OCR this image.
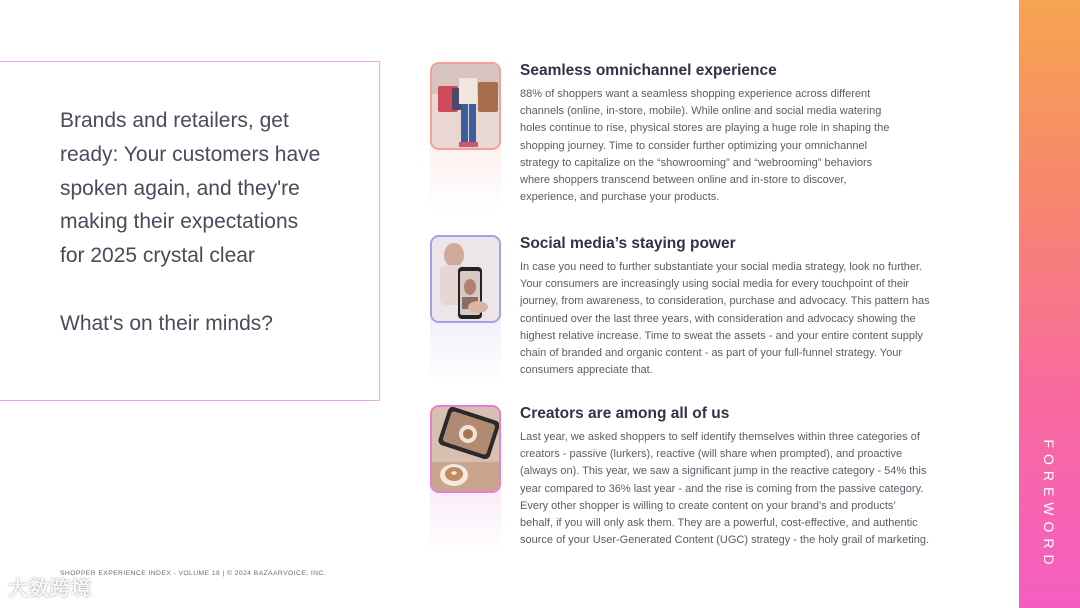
Brands and retailers, get
ready: Your customers have
spoken again, and they're
making their expectations
for 2025 crystal clear

What's on their minds?

Seamless omnichannel experience

88% of shoppers want a seamless shopping experience across different
channels (online, in-store, mobile). While online and social media watering
holes continue to rise, physical stores are playing a huge role in shaping the
shopping journey. Time to consider further optimizing your omnichannel
strategy to capitalize on the “showrooming” and “webrooming” behaviors
where shoppers transcend between online and in-store to discover,
experience, and purchase your products.

Social media’s staying power

In case you need to further substantiate your social media strategy, look no further.
Your consumers are increasingly using social media for every touchpoint of their
journey, from awareness, to consideration, purchase and advocacy. This pattern has
continued over the last three years, with consideration and advocacy showing the
highest relative increase. Time to sweat the assets - and your entire content supply
chain of branded and organic content - as part of your full-funnel strategy. Your
consumers appreciate that.

Creators are among all of us

Last year, we asked shoppers to self identify themselves within three categories of
creators - passive (lurkers), reactive (will share when prompted), and proactive
(always on). This year, we saw a significant jump in the reactive category - 54% this
year compared to 36% last year - and the rise is coming from the passive category.
Every other shopper is willing to create content on your brand’s and products’
behalf, if you will only ask them. They are a powerful, cost-effective, and authentic
source of your User-Generated Content (UGC) strategy - the holy grail of marketing.	FOREWORD
SHOPPER EXPERIENCE INDEX - VOLUME 18 | © 2024 BAZAARVOICE, INC.
大数跨境
